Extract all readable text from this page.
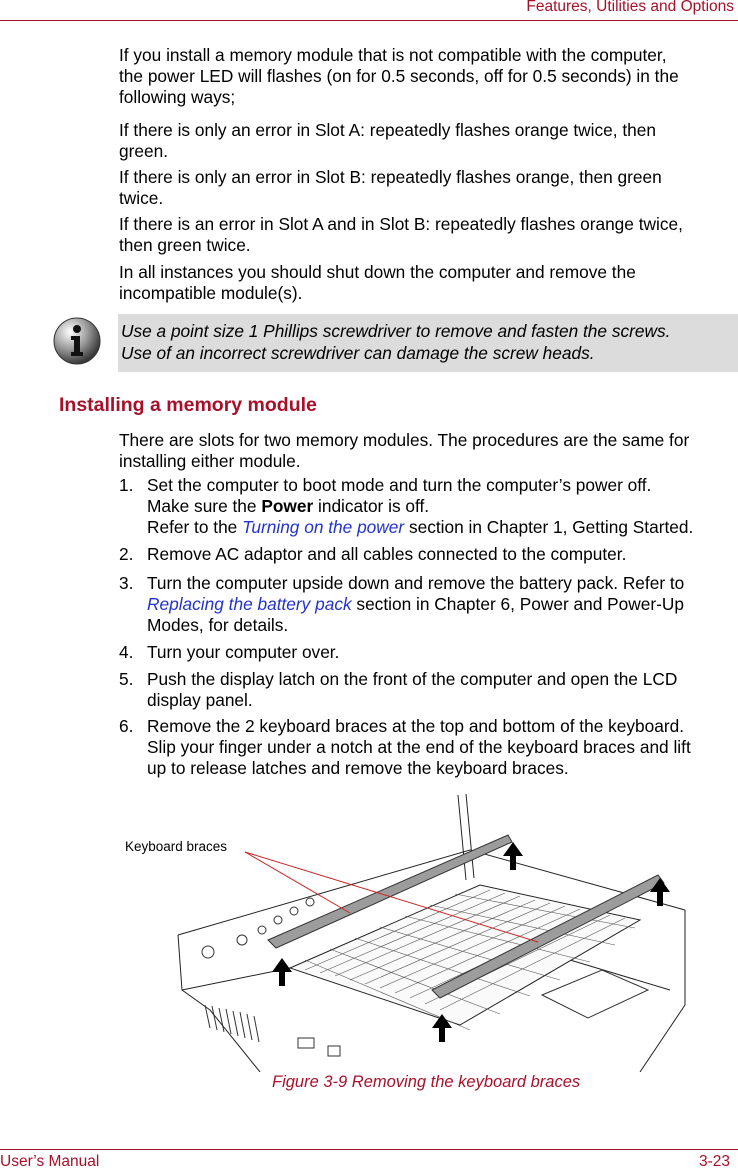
Features, Utilities and Options
User’s Manual	3-23
If you install a memory module that is not compatible with the computer,
the power LED will flashes (on for 0.5 seconds, off for 0.5 seconds) in the
following ways;
If there is only an error in Slot A: repeatedly flashes orange twice, then
green.
If there is only an error in Slot B: repeatedly flashes orange, then green
twice.
If there is an error in Slot A and in Slot B: repeatedly flashes orange twice,
then green twice.
In all instances you should shut down the computer and remove the
incompatible module(s).
Use a point size 1 Phillips screwdriver to remove and fasten the screws.
Use of an incorrect screwdriver can damage the screw heads.
Installing a memory module
There are slots for two memory modules. The procedures are the same for
installing either module.
1. Set the computer to boot mode and turn the computer’s power off.
Make sure the Power indicator is off.
Refer to the Turning on the power section in Chapter 1, Getting Started.
2. Remove AC adaptor and all cables connected to the computer.
3. Turn the computer upside down and remove the battery pack. Refer to
Replacing the battery pack section in Chapter 6, Power and Power-Up
Modes, for details.
4. Turn your computer over.
5. Push the display latch on the front of the computer and open the LCD
display panel.
6. Remove the 2 keyboard braces at the top and bottom of the keyboard.
Slip your finger under a notch at the end of the keyboard braces and lift
up to release latches and remove the keyboard braces.
Keyboard braces
Figure 3-9 Removing the keyboard braces
